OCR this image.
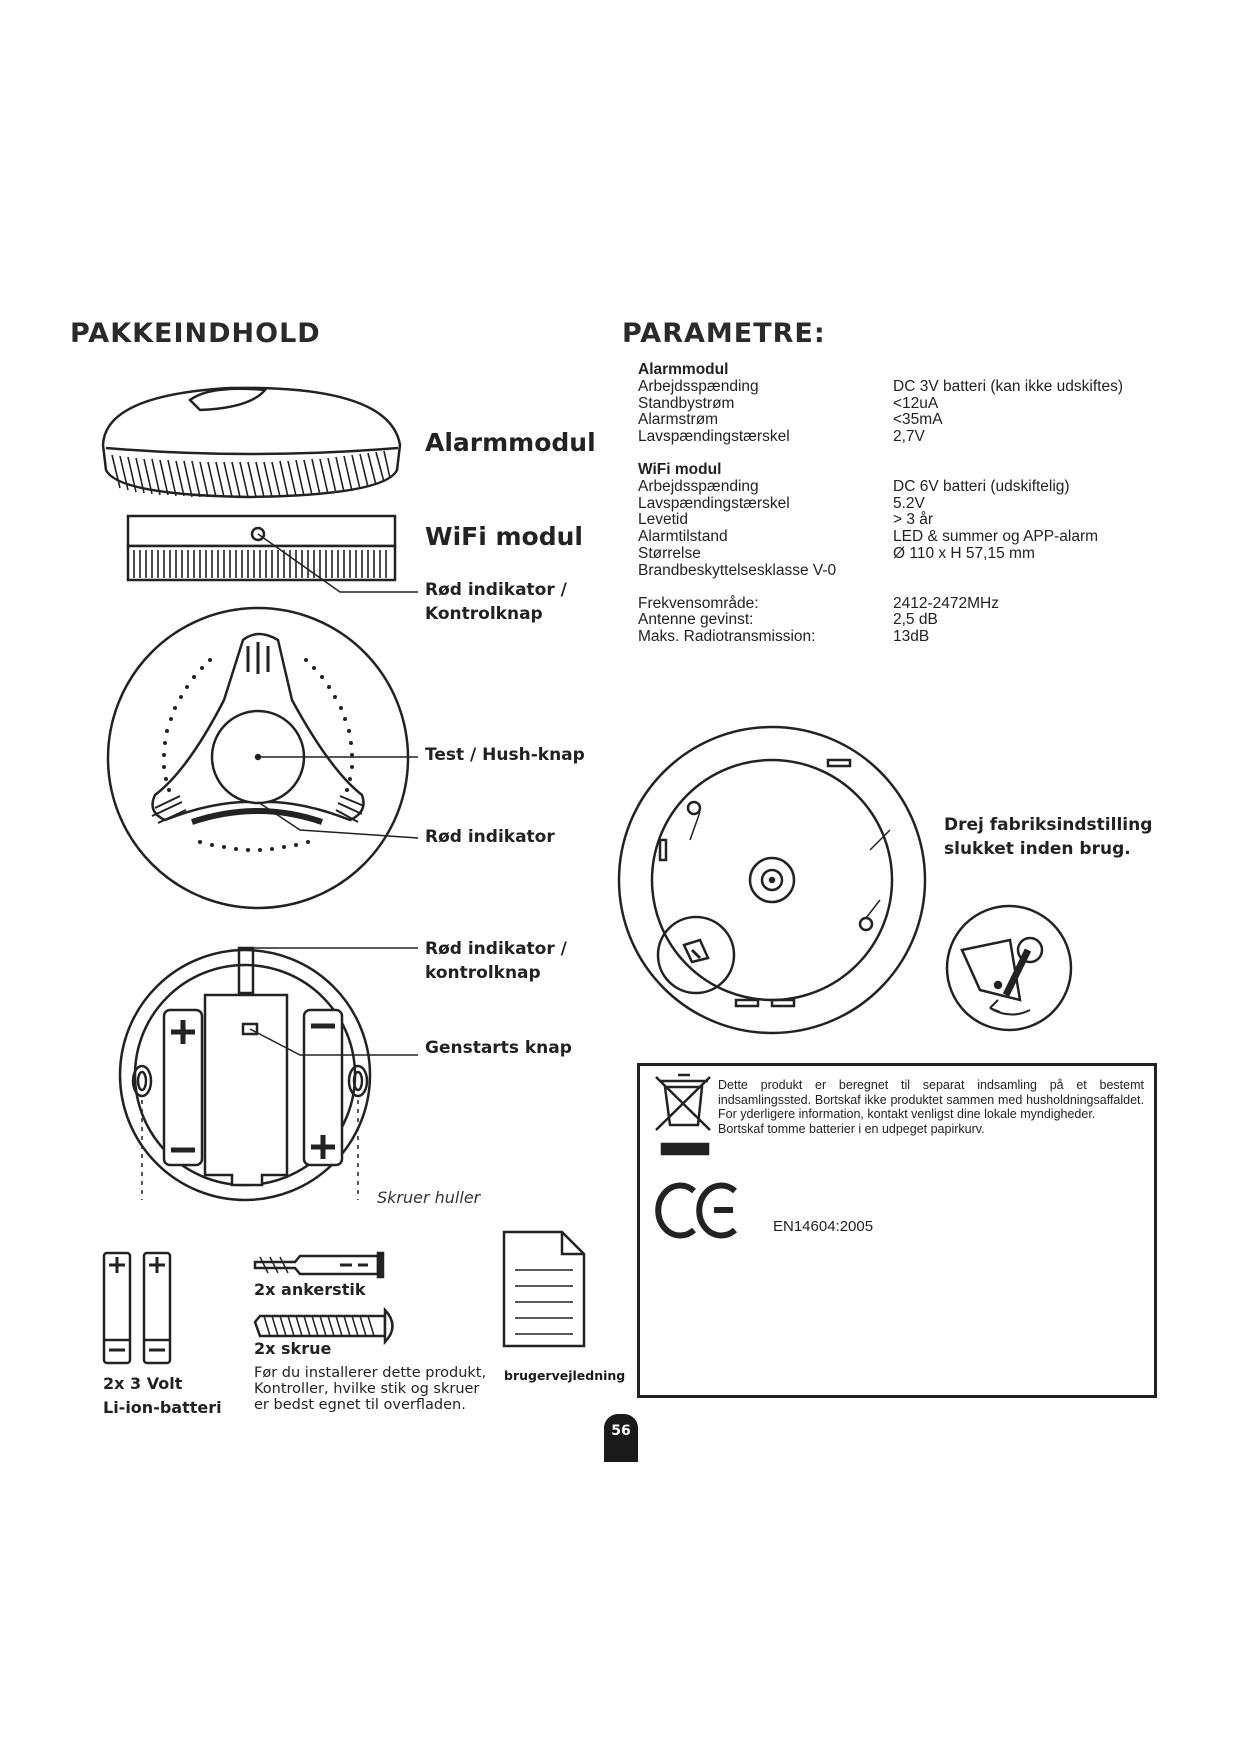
PAKKEINDHOLD	PARAMETRE:
Alarmmodul
WiFi modul
Rød indikator /
Kontrolknap
Test / Hush-knap
Rød indikator
Rød indikator /
kontrolknap
Genstarts knap
Skruer huller
2x ankerstik
2x skrue
2x 3 Volt
Li-ion-batteri
Før du installerer dette produkt,
Kontroller, hvilke stik og skruer
er bedst egnet til overfladen.
brugervejledning
Alarmmodul
Arbejdsspænding	DC 3V batteri (kan ikke udskiftes)
Standbystrøm	<12uA
Alarmstrøm	<35mA
Lavspændingstærskel	2,7V
WiFi modul
Arbejdsspænding	DC 6V batteri (udskiftelig)
Lavspændingstærskel	5.2V
Levetid	> 3 år
Alarmtilstand	LED & summer og APP-alarm
Størrelse	Ø 110 x H 57,15 mm
Brandbeskyttelsesklasse V-0
Frekvensområde:	2412-2472MHz
Antenne gevinst:	2,5 dB
Maks. Radiotransmission:	13dB
Drej fabriksindstilling
slukket inden brug.
Dette produkt er beregnet til separat indsamling på et bestemt indsamlingssted. Bortskaf ikke produktet sammen med husholdningsaffaldet. For yderligere information, kontakt venligst dine lokale myndigheder.
Bortskaf tomme batterier i en udpeget papirkurv.
EN14604:2005
56
